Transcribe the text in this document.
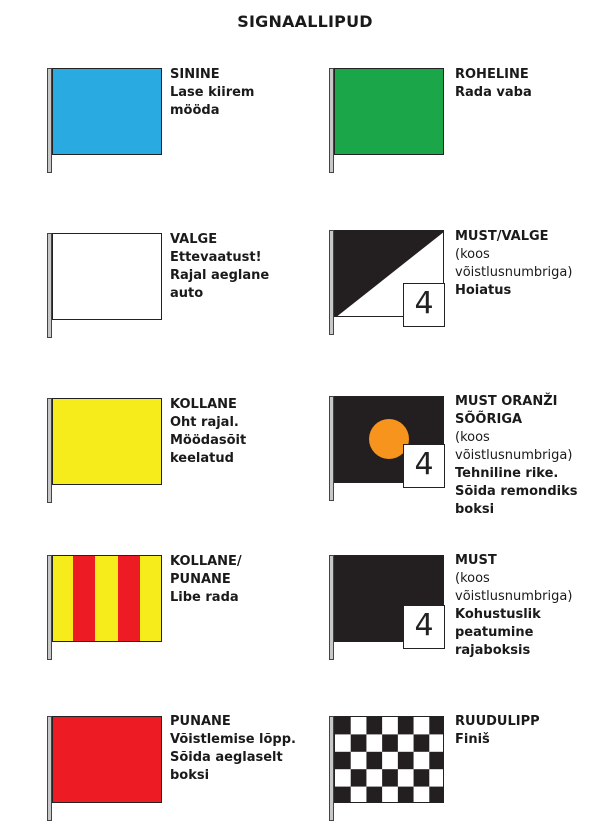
SIGNAALLIPUD
SININE
Lase kiirem
mööda
ROHELINE
Rada vaba
VALGE
Ettevaatust!
Rajal aeglane
auto	4
MUST/VALGE
(koos
võistlusnumbriga)
Hoiatus
KOLLANE
Oht rajal.
Möödasõit
keelatud	4
MUST ORANŽI
SÕÕRIGA
(koos
võistlusnumbriga)
Tehniline rike.
Sõida remondiks
boksi
KOLLANE/
PUNANE
Libe rada
4
MUST
(koos
võistlusnumbriga)
Kohustuslik
peatumine
rajaboksis
PUNANE
Võistlemise lõpp.
Sõida aeglaselt
boksi
RUUDULIPP
Finiš
